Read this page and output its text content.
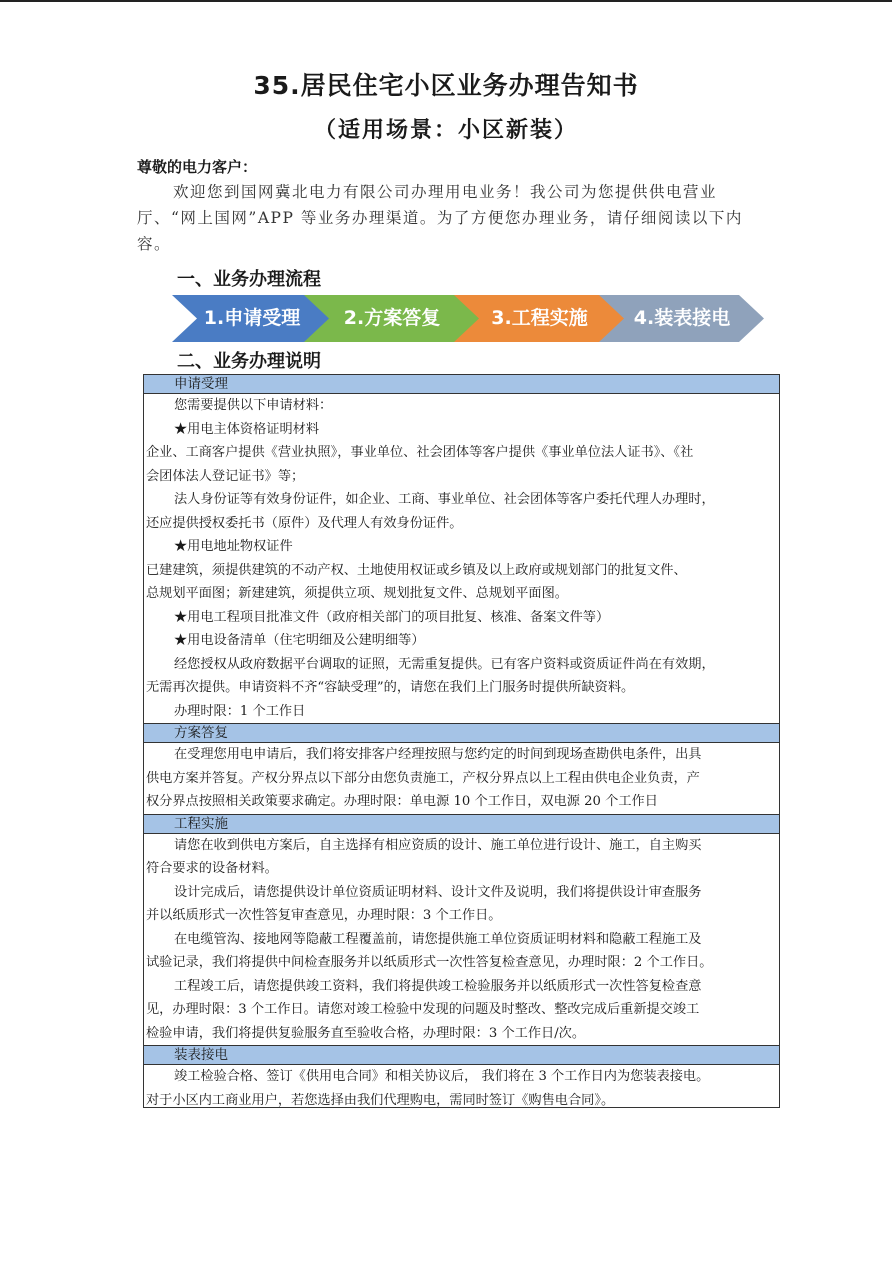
35.居民住宅小区业务办理告知书
（适用场景：小区新装）
尊敬的电力客户：
欢迎您到国网冀北电力有限公司办理用电业务！我公司为您提供供电营业厅、“网上国网”APP 等业务办理渠道。为了方便您办理业务，请仔细阅读以下内容。
一、业务办理流程
1.申请受理	2.方案答复	3.工程实施	4.装表接电
二、业务办理说明
申请受理
您需要提供以下申请材料：
★用电主体资格证明材料
企业、工商客户提供《营业执照》，事业单位、社会团体等客户提供《事业单位法人证书》、《社
会团体法人登记证书》等；
法人身份证等有效身份证件，如企业、工商、事业单位、社会团体等客户委托代理人办理时，
还应提供授权委托书（原件）及代理人有效身份证件。
★用电地址物权证件
已建建筑，须提供建筑的不动产权、土地使用权证或乡镇及以上政府或规划部门的批复文件、
总规划平面图；新建建筑，须提供立项、规划批复文件、总规划平面图。
★用电工程项目批准文件（政府相关部门的项目批复、核准、备案文件等）
★用电设备清单（住宅明细及公建明细等）
经您授权从政府数据平台调取的证照，无需重复提供。已有客户资料或资质证件尚在有效期，
无需再次提供。申请资料不齐“容缺受理”的，请您在我们上门服务时提供所缺资料。
办理时限：1 个工作日
方案答复
在受理您用电申请后，我们将安排客户经理按照与您约定的时间到现场查勘供电条件，出具
供电方案并答复。产权分界点以下部分由您负责施工，产权分界点以上工程由供电企业负责，产
权分界点按照相关政策要求确定。办理时限：单电源 10 个工作日，双电源 20 个工作日
工程实施
请您在收到供电方案后，自主选择有相应资质的设计、施工单位进行设计、施工，自主购买
符合要求的设备材料。
设计完成后，请您提供设计单位资质证明材料、设计文件及说明，我们将提供设计审查服务
并以纸质形式一次性答复审查意见，办理时限：3 个工作日。
在电缆管沟、接地网等隐蔽工程覆盖前，请您提供施工单位资质证明材料和隐蔽工程施工及
试验记录，我们将提供中间检查服务并以纸质形式一次性答复检查意见，办理时限：2 个工作日。
工程竣工后，请您提供竣工资料，我们将提供竣工检验服务并以纸质形式一次性答复检查意
见，办理时限：3 个工作日。请您对竣工检验中发现的问题及时整改、整改完成后重新提交竣工
检验申请，我们将提供复验服务直至验收合格，办理时限：3 个工作日/次。
装表接电
竣工检验合格、签订《供用电合同》和相关协议后， 我们将在 3 个工作日内为您装表接电。
对于小区内工商业用户，若您选择由我们代理购电，需同时签订《购售电合同》。
